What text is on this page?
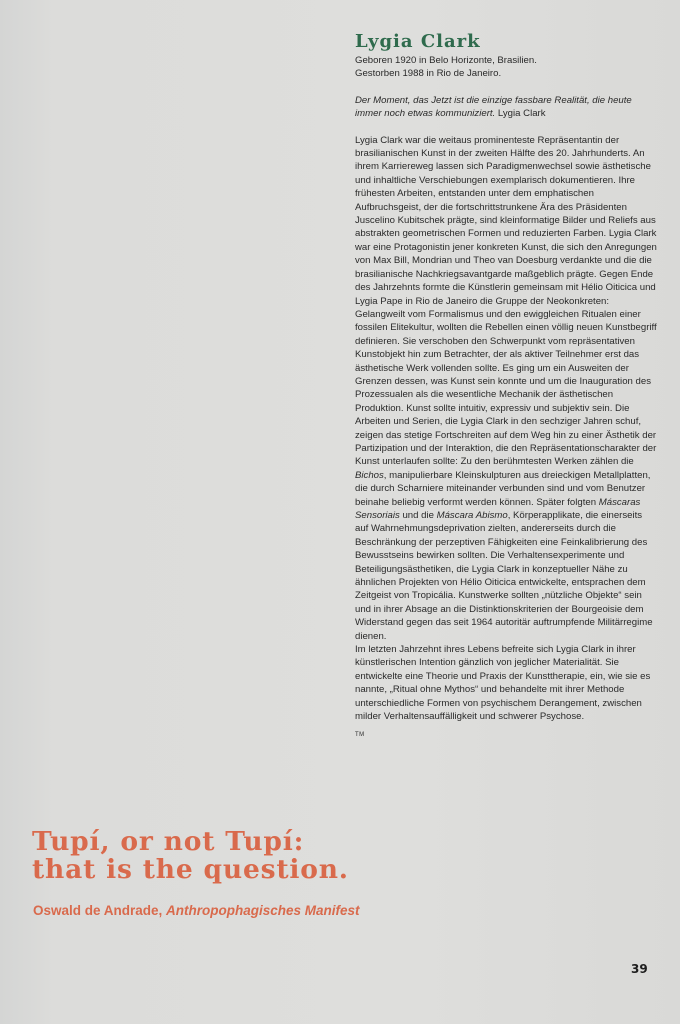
Lygia Clark

Geboren 1920 in Belo Horizonte, Brasilien.
Gestorben 1988 in Rio de Janeiro.

Der Moment, das Jetzt ist die einzige fassbare Realität, die heute immer noch etwas kommuniziert. Lygia Clark

Lygia Clark war die weitaus prominenteste Repräsentantin der brasilianischen Kunst in der zweiten Hälfte des 20. Jahrhunderts. An ihrem Karriereweg lassen sich Paradigmenwechsel sowie ästhetische und inhaltliche Verschiebungen exemplarisch dokumentieren. Ihre frühesten Arbeiten, entstanden unter dem emphatischen Aufbruchsgeist, der die fortschrittstrunkene Ära des Präsidenten Juscelino Kubitschek prägte, sind kleinformatige Bilder und Reliefs aus abstrakten geometrischen Formen und reduzierten Farben. Lygia Clark war eine Protagonistin jener konkreten Kunst, die sich den Anregungen von Max Bill, Mondrian und Theo van Doesburg verdankte und die die brasilianische Nachkriegsavantgarde maßgeblich prägte. Gegen Ende des Jahrzehnts formte die Künstlerin gemeinsam mit Hélio Oiticica und Lygia Pape in Rio de Janeiro die Gruppe der Neokonkreten: Gelangweilt vom Formalismus und den ewiggleichen Ritualen einer fossilen Elitekultur, wollten die Rebellen einen völlig neuen Kunstbegriff definieren. Sie verschoben den Schwerpunkt vom repräsentativen Kunstobjekt hin zum Betrachter, der als aktiver Teilnehmer erst das ästhetische Werk vollenden sollte. Es ging um ein Ausweiten der Grenzen dessen, was Kunst sein konnte und um die Inauguration des Prozessualen als die wesentliche Mechanik der ästhetischen Produktion. Kunst sollte intuitiv, expressiv und subjektiv sein. Die Arbeiten und Serien, die Lygia Clark in den sechziger Jahren schuf, zeigen das stetige Fortschreiten auf dem Weg hin zu einer Ästhetik der Partizipation und der Interaktion, die den Repräsentationscharakter der Kunst unterlaufen sollte: Zu den berühmtesten Werken zählen die Bichos, manipulierbare Kleinskulpturen aus dreieckigen Metallplatten, die durch Scharniere miteinander verbunden sind und vom Benutzer beinahe beliebig verformt werden können. Später folgten Máscaras Sensoriais und die Máscara Abismo, Körperapplikate, die einerseits auf Wahrnehmungsdeprivation zielten, andererseits durch die Beschränkung der perzeptiven Fähigkeiten eine Feinkalibrierung des Bewusstseins bewirken sollten. Die Verhaltensexperimente und Beteiligungsästhetiken, die Lygia Clark in konzeptueller Nähe zu ähnlichen Projekten von Hélio Oiticica entwickelte, entsprachen dem Zeitgeist von Tropicália. Kunstwerke sollten „nützliche Objekte“ sein und in ihrer Absage an die Distinktionskriterien der Bourgeoisie dem Widerstand gegen das seit 1964 autoritär auftrumpfende Militärregime dienen.

Im letzten Jahrzehnt ihres Lebens befreite sich Lygia Clark in ihrer künstlerischen Intention gänzlich von jeglicher Materialität. Sie entwickelte eine Theorie und Praxis der Kunsttherapie, ein, wie sie es nannte, „Ritual ohne Mythos“ und behandelte mit ihrer Methode unterschiedliche Formen von psychischem Derangement, zwischen milder Verhaltensauffälligkeit und schwerer Psychose.

TM
Tupí, or not Tupí:
that is the question.
Oswald de Andrade, Anthropophagisches Manifest
39
